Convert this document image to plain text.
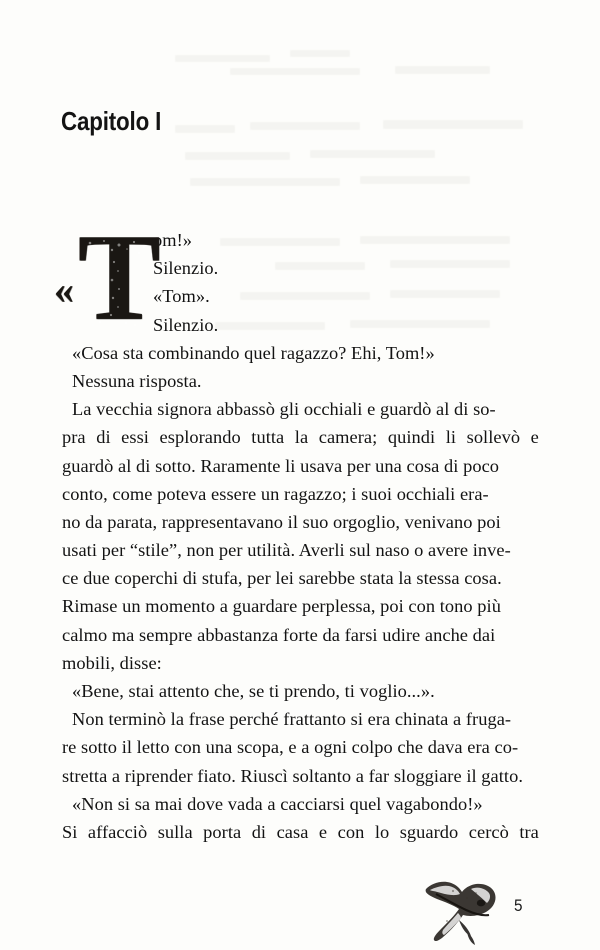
Capitolo I
« T
om!»
Silenzio.
«Tom».
Silenzio.
«Cosa sta combinando quel ragazzo? Ehi, Tom!»
Nessuna risposta.
La vecchia signora abbassò gli occhiali e guardò al di so-
pra di essi esplorando tutta la camera; quindi li sollevò e
guardò al di sotto. Raramente li usava per una cosa di poco
conto, come poteva essere un ragazzo; i suoi occhiali era-
no da parata, rappresentavano il suo orgoglio, venivano poi
usati per “stile”, non per utilità. Averli sul naso o avere inve-
ce due coperchi di stufa, per lei sarebbe stata la stessa cosa.
Rimase un momento a guardare perplessa, poi con tono più
calmo ma sempre abbastanza forte da farsi udire anche dai
mobili, disse:
«Bene, stai attento che, se ti prendo, ti voglio...».
Non terminò la frase perché frattanto si era chinata a fruga-
re sotto il letto con una scopa, e a ogni colpo che dava era co-
stretta a riprender fiato. Riuscì soltanto a far sloggiare il gatto.
«Non si sa mai dove vada a cacciarsi quel vagabondo!»
Si affacciò sulla porta di casa e con lo sguardo cercò tra
5
